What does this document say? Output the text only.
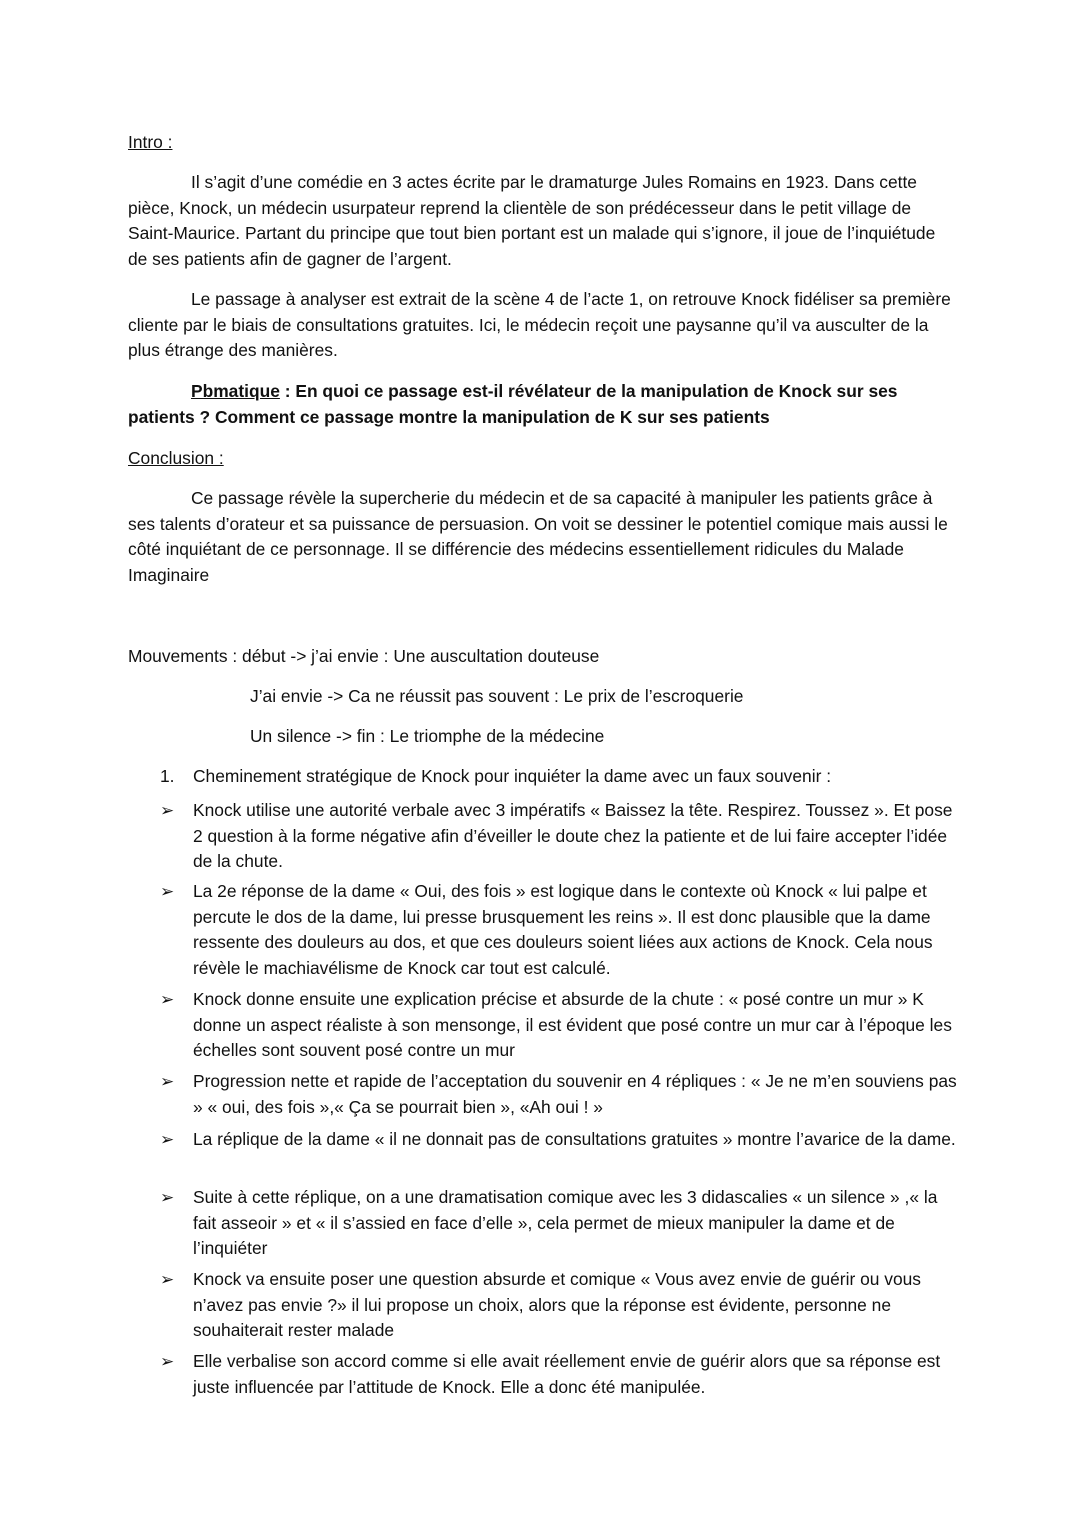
Intro :

Il s’agit d’une comédie en 3 actes écrite par le dramaturge Jules Romains en 1923. Dans cette pièce, Knock, un médecin usurpateur reprend la clientèle de son prédécesseur dans le petit village de Saint-Maurice. Partant du principe que tout bien portant est un malade qui s’ignore, il joue de l’inquiétude de ses patients afin de gagner de l’argent.

Le passage à analyser est extrait de la scène 4 de l’acte 1, on retrouve Knock fidéliser sa première cliente par le biais de consultations gratuites. Ici, le médecin reçoit une paysanne qu’il va ausculter de la plus étrange des manières.

Pbmatique : En quoi ce passage est-il révélateur de la manipulation de Knock sur ses patients ? Comment ce passage montre la manipulation de K sur ses patients

Conclusion :

Ce passage révèle la supercherie du médecin et de sa capacité à manipuler les patients grâce à ses talents d’orateur et sa puissance de persuasion. On voit se dessiner le potentiel comique mais aussi le côté inquiétant de ce personnage. Il se différencie des médecins essentiellement ridicules du Malade Imaginaire

Mouvements : début -> j’ai envie : Une auscultation douteuse
J’ai envie -> Ca ne réussit pas souvent : Le prix de l’escroquerie
Un silence -> fin : Le triomphe de la médecine
1. Cheminement stratégique de Knock pour inquiéter la dame avec un faux souvenir :
➢ Knock utilise une autorité verbale avec 3 impératifs « Baissez la tête. Respirez. Toussez ». Et pose 2 question à la forme négative afin d’éveiller le doute chez la patiente et de lui faire accepter l’idée de la chute.

➢ La 2e réponse de la dame « Oui, des fois » est logique dans le contexte où Knock « lui palpe et percute le dos de la dame, lui presse brusquement les reins ». Il est donc plausible que la dame ressente des douleurs au dos, et que ces douleurs soient liées aux actions de Knock. Cela nous révèle le machiavélisme de Knock car tout est calculé.

➢ Knock donne ensuite une explication précise et absurde de la chute : « posé contre un mur » K donne un aspect réaliste à son mensonge, il est évident que posé contre un mur car à l’époque les échelles sont souvent posé contre un mur

➢ Progression nette et rapide de l’acceptation du souvenir en 4 répliques : « Je ne m’en souviens pas » « oui, des fois »,« Ça se pourrait bien », «Ah oui ! »

➢ La réplique de la dame « il ne donnait pas de consultations gratuites » montre l’avarice de la dame.

➢ Suite à cette réplique, on a une dramatisation comique avec les 3 didascalies « un silence » ,« la fait asseoir » et « il s’assied en face d’elle », cela permet de mieux manipuler la dame et de l’inquiéter

➢ Knock va ensuite poser une question absurde et comique « Vous avez envie de guérir ou vous n’avez pas envie ?» il lui propose un choix, alors que la réponse est évidente, personne ne souhaiterait rester malade

➢ Elle verbalise son accord comme si elle avait réellement envie de guérir alors que sa réponse est juste influencée par l’attitude de Knock. Elle a donc été manipulée.
